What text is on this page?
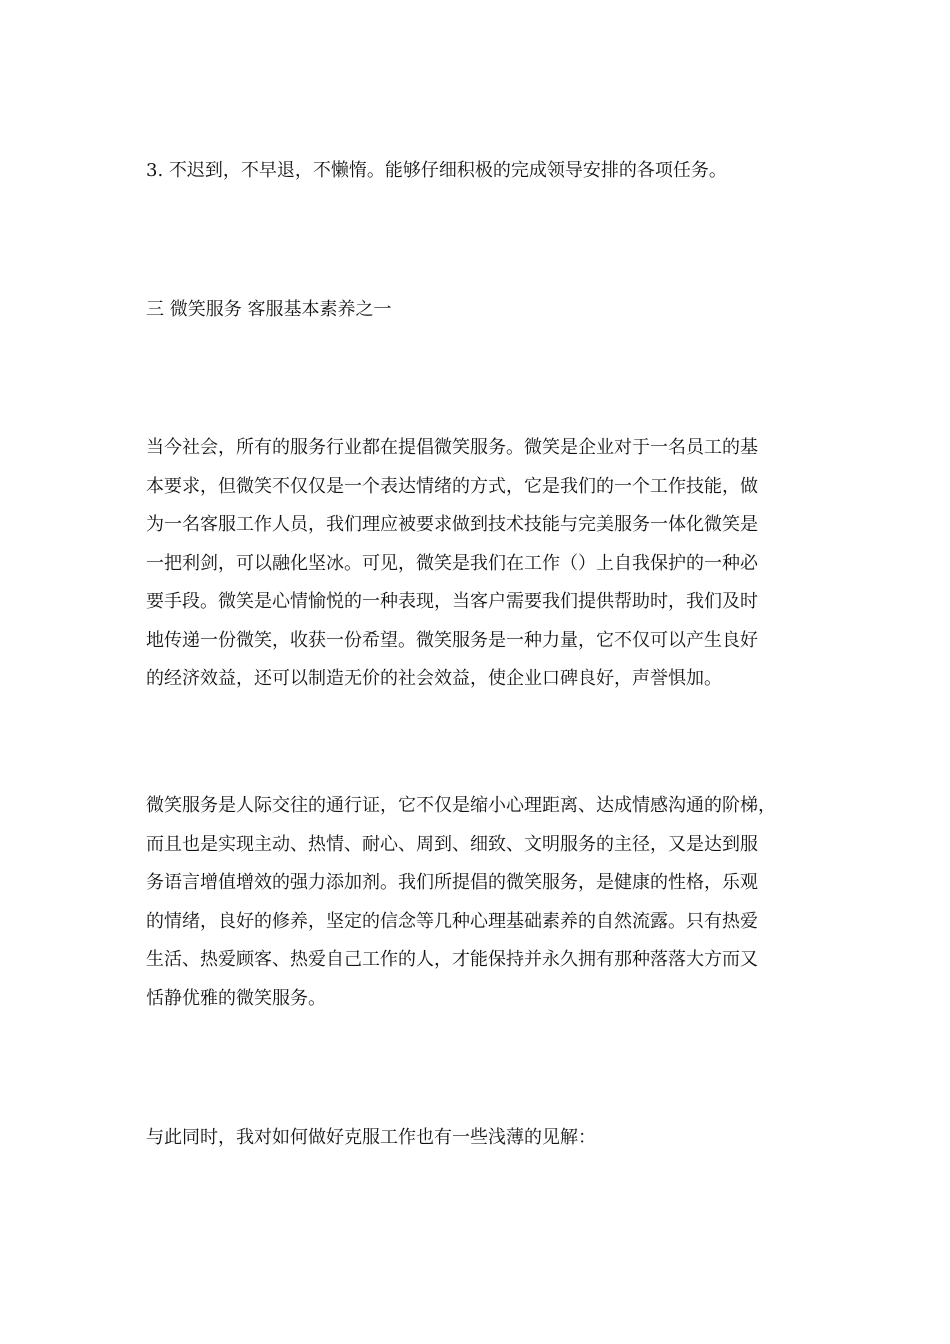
3. 不迟到，不早退，不懒惰。能够仔细积极的完成领导安排的各项任务。
三 微笑服务 客服基本素养之一
当今社会，所有的服务行业都在提倡微笑服务。微笑是企业对于一名员工的基
本要求，但微笑不仅仅是一个表达情绪的方式，它是我们的一个工作技能，做
为一名客服工作人员，我们理应被要求做到技术技能与完美服务一体化微笑是
一把利剑，可以融化坚冰。可见，微笑是我们在工作（）上自我保护的一种必
要手段。微笑是心情愉悦的一种表现，当客户需要我们提供帮助时，我们及时
地传递一份微笑，收获一份希望。微笑服务是一种力量，它不仅可以产生良好
的经济效益，还可以制造无价的社会效益，使企业口碑良好，声誉惧加。
微笑服务是人际交往的通行证，它不仅是缩小心理距离、达成情感沟通的阶梯，
而且也是实现主动、热情、耐心、周到、细致、文明服务的主径，又是达到服
务语言增值增效的强力添加剂。我们所提倡的微笑服务，是健康的性格，乐观
的情绪，良好的修养，坚定的信念等几种心理基础素养的自然流露。只有热爱
生活、热爱顾客、热爱自己工作的人，才能保持并永久拥有那种落落大方而又
恬静优雅的微笑服务。
与此同时，我对如何做好克服工作也有一些浅薄的见解：
